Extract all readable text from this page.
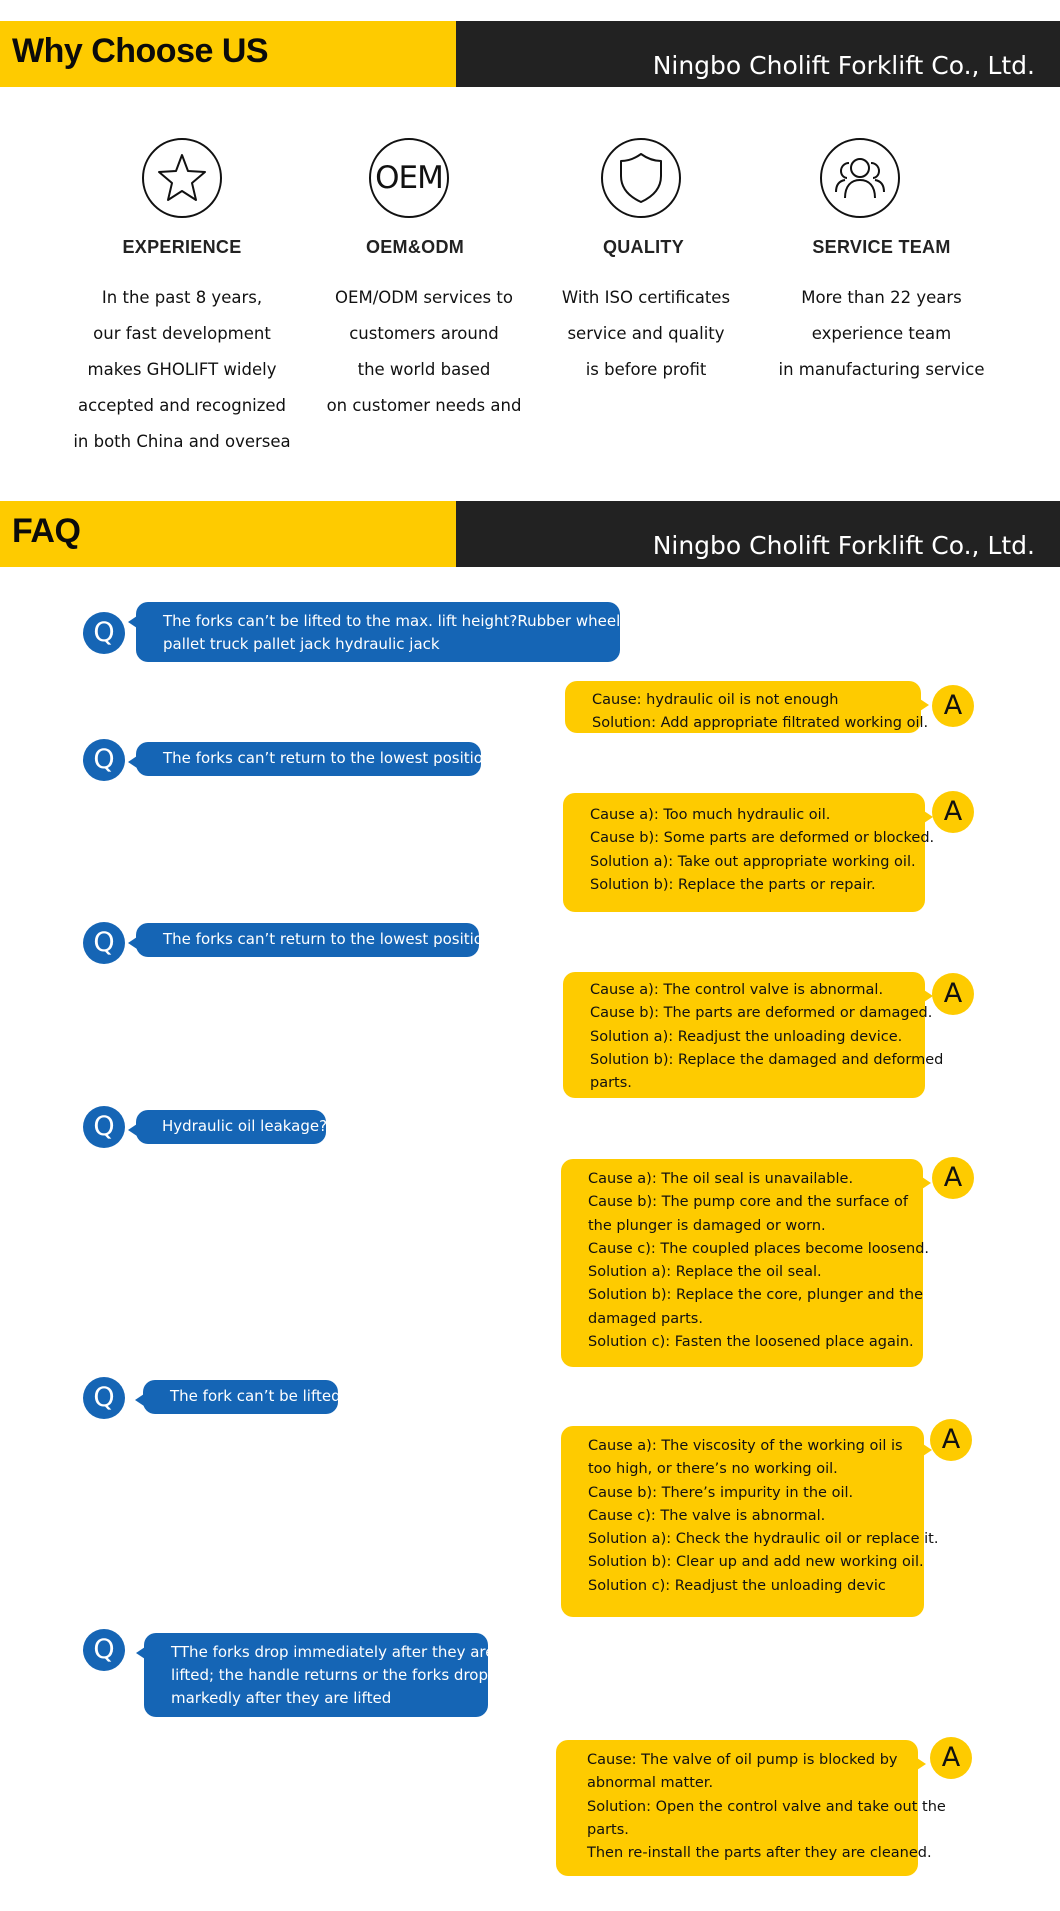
Why Choose US	Ningbo Cholift Forklift Co., Ltd.
EXPERIENCE
In the past 8 years,
our fast development
makes GHOLIFT widely
accepted and recognized
in both China and oversea
OEM
OEM&ODM
OEM/ODM services to
customers around
the world based
on customer needs and
QUALITY
With ISO certificates
service and quality
is before profit
SERVICE TEAM
More than 22 years
experience team
in manufacturing service
FAQ	Ningbo Cholift Forklift Co., Ltd.
Q	The forks can’t be lifted to the max. lift height?Rubber wheel hand
pallet truck pallet jack hydraulic jack
Cause: hydraulic oil is not enough
Solution: Add appropriate filtrated working oil.
A
Q	The forks can’t return to the lowest position?
Cause a): Too much hydraulic oil.
Cause b): Some parts are deformed or blocked.
Solution a): Take out appropriate working oil.
Solution b): Replace the parts or repair.
A
Q	The forks can’t return to the lowest position?
Cause a): The control valve is abnormal.
Cause b): The parts are deformed or damaged.
Solution a): Readjust the unloading device.
Solution b): Replace the damaged and deformed
parts.
A
Q	Hydraulic oil leakage?
Cause a): The oil seal is unavailable.
Cause b): The pump core and the surface of
the plunger is damaged or worn.
Cause c): The coupled places become loosend.
Solution a): Replace the oil seal.
Solution b): Replace the core, plunger and the
damaged parts.
Solution c): Fasten the loosened place again.
A
Q	The fork can’t be lifted
Cause a): The viscosity of the working oil is
too high, or there’s no working oil.
Cause b): There’s impurity in the oil.
Cause c): The valve is abnormal.
Solution a): Check the hydraulic oil or replace it.
Solution b): Clear up and add new working oil.
Solution c): Readjust the unloading devic
A
Q	TThe forks drop immediately after they are
lifted; the handle returns or the forks drop
markedly after they are lifted
Cause: The valve of oil pump is blocked by
abnormal matter.
Solution: Open the control valve and take out the
parts.
Then re-install the parts after they are cleaned.
A
